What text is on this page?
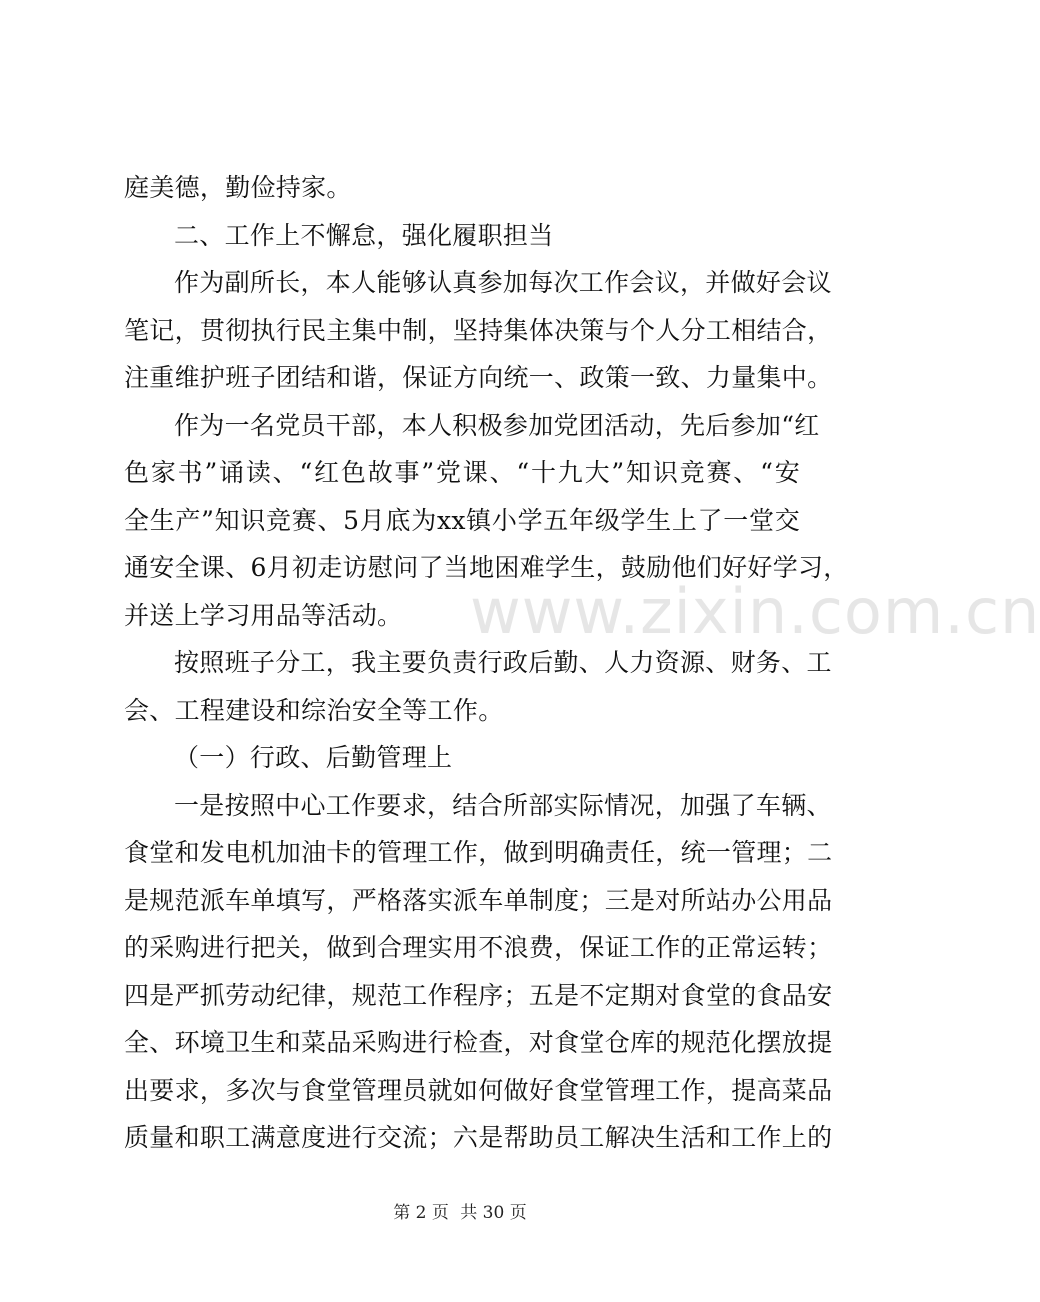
www.zixin.com.cn
庭美德，勤俭持家。
二、工作上不懈怠，强化履职担当
作为副所长，本人能够认真参加每次工作会议，并做好会议
笔记，贯彻执行民主集中制，坚持集体决策与个人分工相结合，
注重维护班子团结和谐，保证方向统一、政策一致、力量集中。
作为一名党员干部，本人积极参加党团活动，先后参加“红
色家书”诵读、“红色故事”党课、“十九大”知识竞赛、“安
全生产”知识竞赛、5月底为xx镇小学五年级学生上了一堂交
通安全课、6月初走访慰问了当地困难学生，鼓励他们好好学习，
并送上学习用品等活动。
按照班子分工，我主要负责行政后勤、人力资源、财务、工
会、工程建设和综治安全等工作。
（一）行政、后勤管理上
一是按照中心工作要求，结合所部实际情况，加强了车辆、
食堂和发电机加油卡的管理工作，做到明确责任，统一管理；二
是规范派车单填写，严格落实派车单制度；三是对所站办公用品
的采购进行把关，做到合理实用不浪费，保证工作的正常运转；
四是严抓劳动纪律，规范工作程序；五是不定期对食堂的食品安
全、环境卫生和菜品采购进行检查，对食堂仓库的规范化摆放提
出要求，多次与食堂管理员就如何做好食堂管理工作，提高菜品
质量和职工满意度进行交流；六是帮助员工解决生活和工作上的
第 2 页 共 30 页
